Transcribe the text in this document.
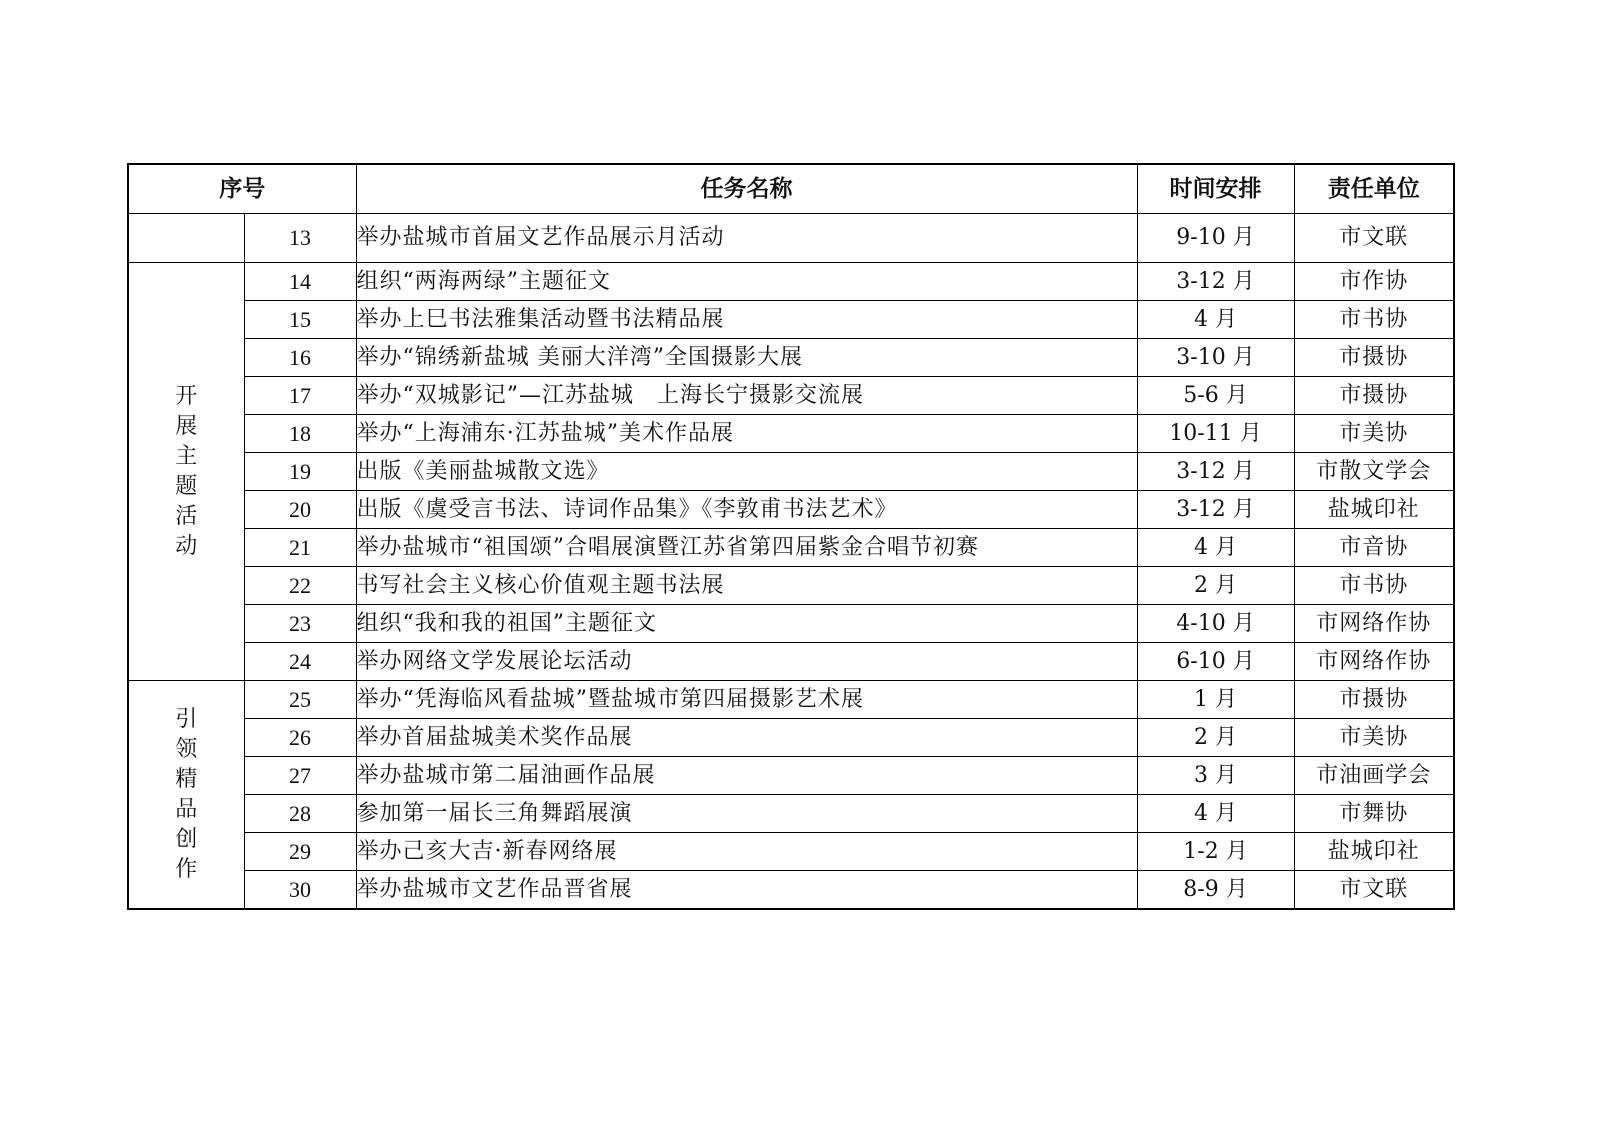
序号		任务名称	时间安排	责任单位
	13	举办盐城市首届文艺作品展示月活动	9-10 月	市文联
开展主题活动	14	组织“两海两绿”主题征文	3-12 月	市作协
	15	举办上巳书法雅集活动暨书法精品展	4 月	市书协
	16	举办“锦绣新盐城 美丽大洋湾”全国摄影大展	3-10 月	市摄协
	17	举办“双城影记”—江苏盐城　上海长宁摄影交流展	5-6 月	市摄协
	18	举办“上海浦东·江苏盐城”美术作品展	10-11 月	市美协
	19	出版《美丽盐城散文选》	3-12 月	市散文学会
	20	出版《虞受言书法、诗词作品集》《李敦甫书法艺术》	3-12 月	盐城印社
	21	举办盐城市“祖国颂”合唱展演暨江苏省第四届紫金合唱节初赛	4 月	市音协
	22	书写社会主义核心价值观主题书法展	2 月	市书协
	23	组织“我和我的祖国”主题征文	4-10 月	市网络作协
	24	举办网络文学发展论坛活动	6-10 月	市网络作协
引领精品创作	25	举办“凭海临风看盐城”暨盐城市第四届摄影艺术展	1 月	市摄协
	26	举办首届盐城美术奖作品展	2 月	市美协
	27	举办盐城市第二届油画作品展	3 月	市油画学会
	28	参加第一届长三角舞蹈展演	4 月	市舞协
	29	举办己亥大吉·新春网络展	1-2 月	盐城印社
	30	举办盐城市文艺作品晋省展	8-9 月	市文联
